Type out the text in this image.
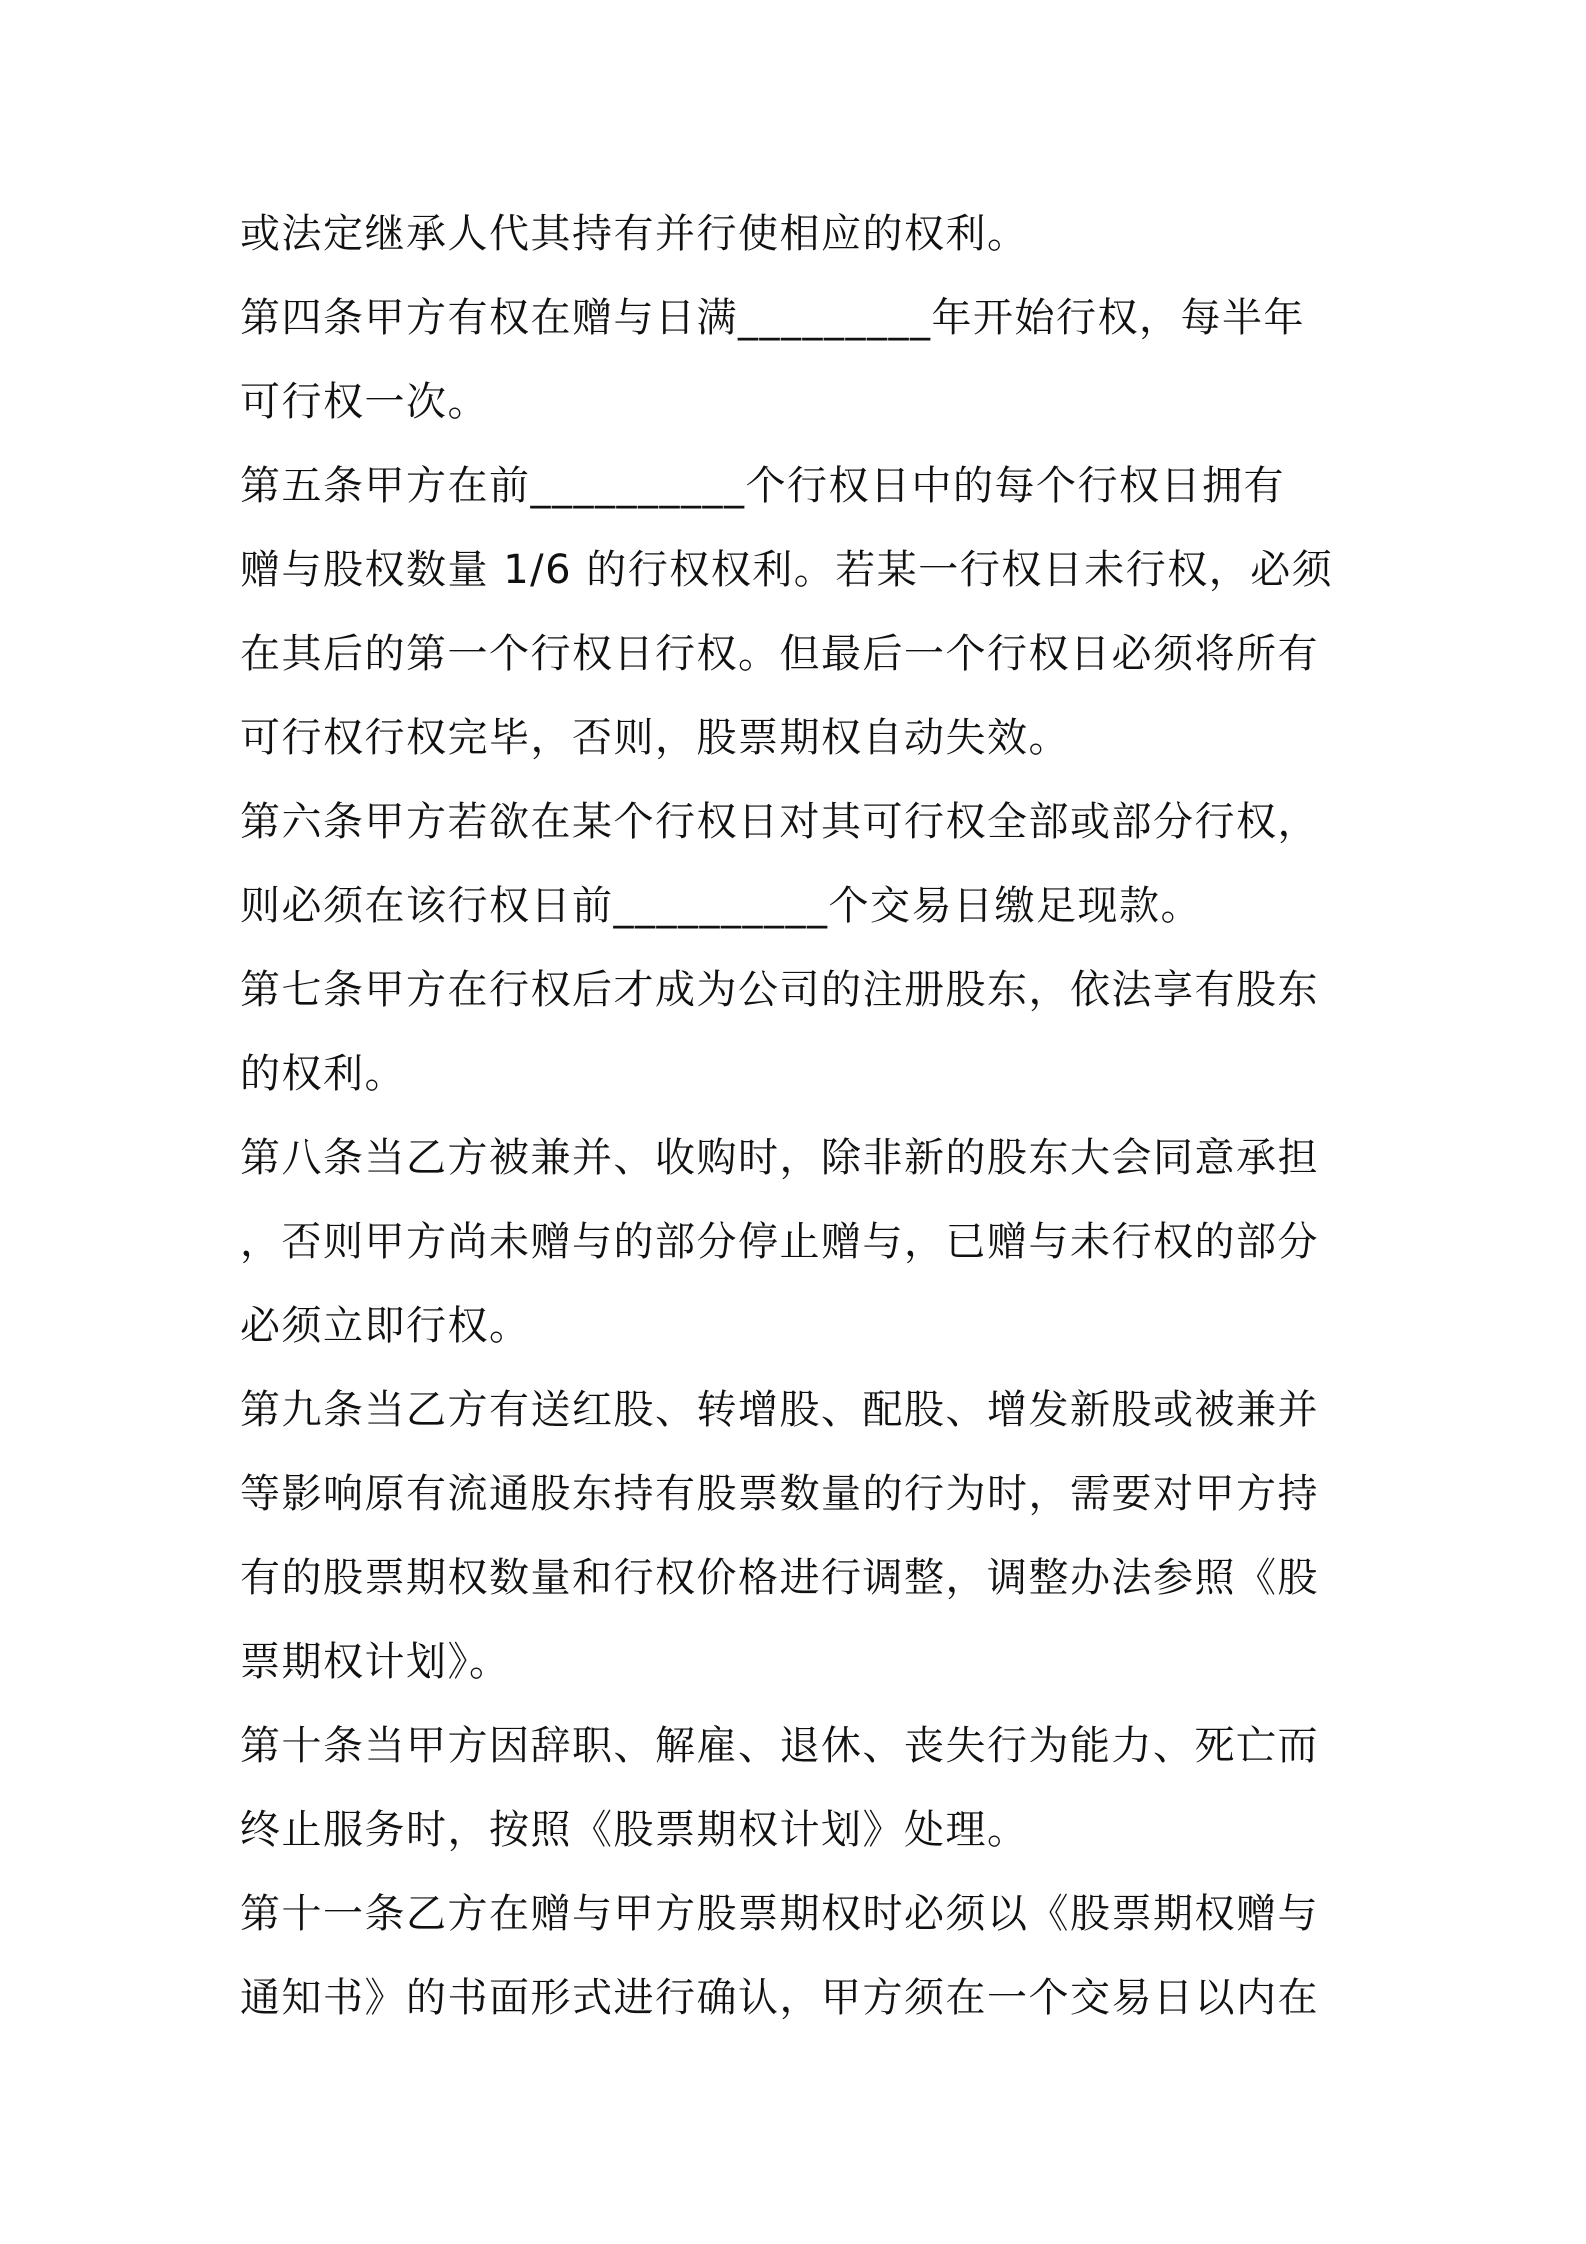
或法定继承人代其持有并行使相应的权利。
第四条甲方有权在赠与日满_________年开始行权，每半年
可行权一次。
第五条甲方在前__________个行权日中的每个行权日拥有
赠与股权数量 1/6 的行权权利。若某一行权日未行权，必须
在其后的第一个行权日行权。但最后一个行权日必须将所有
可行权行权完毕，否则，股票期权自动失效。
第六条甲方若欲在某个行权日对其可行权全部或部分行权，
则必须在该行权日前__________个交易日缴足现款。
第七条甲方在行权后才成为公司的注册股东，依法享有股东
的权利。
第八条当乙方被兼并、收购时，除非新的股东大会同意承担
，否则甲方尚未赠与的部分停止赠与，已赠与未行权的部分
必须立即行权。
第九条当乙方有送红股、转增股、配股、增发新股或被兼并
等影响原有流通股东持有股票数量的行为时，需要对甲方持
有的股票期权数量和行权价格进行调整，调整办法参照《股
票期权计划》。
第十条当甲方因辞职、解雇、退休、丧失行为能力、死亡而
终止服务时，按照《股票期权计划》处理。
第十一条乙方在赠与甲方股票期权时必须以《股票期权赠与
通知书》的书面形式进行确认，甲方须在一个交易日以内在
